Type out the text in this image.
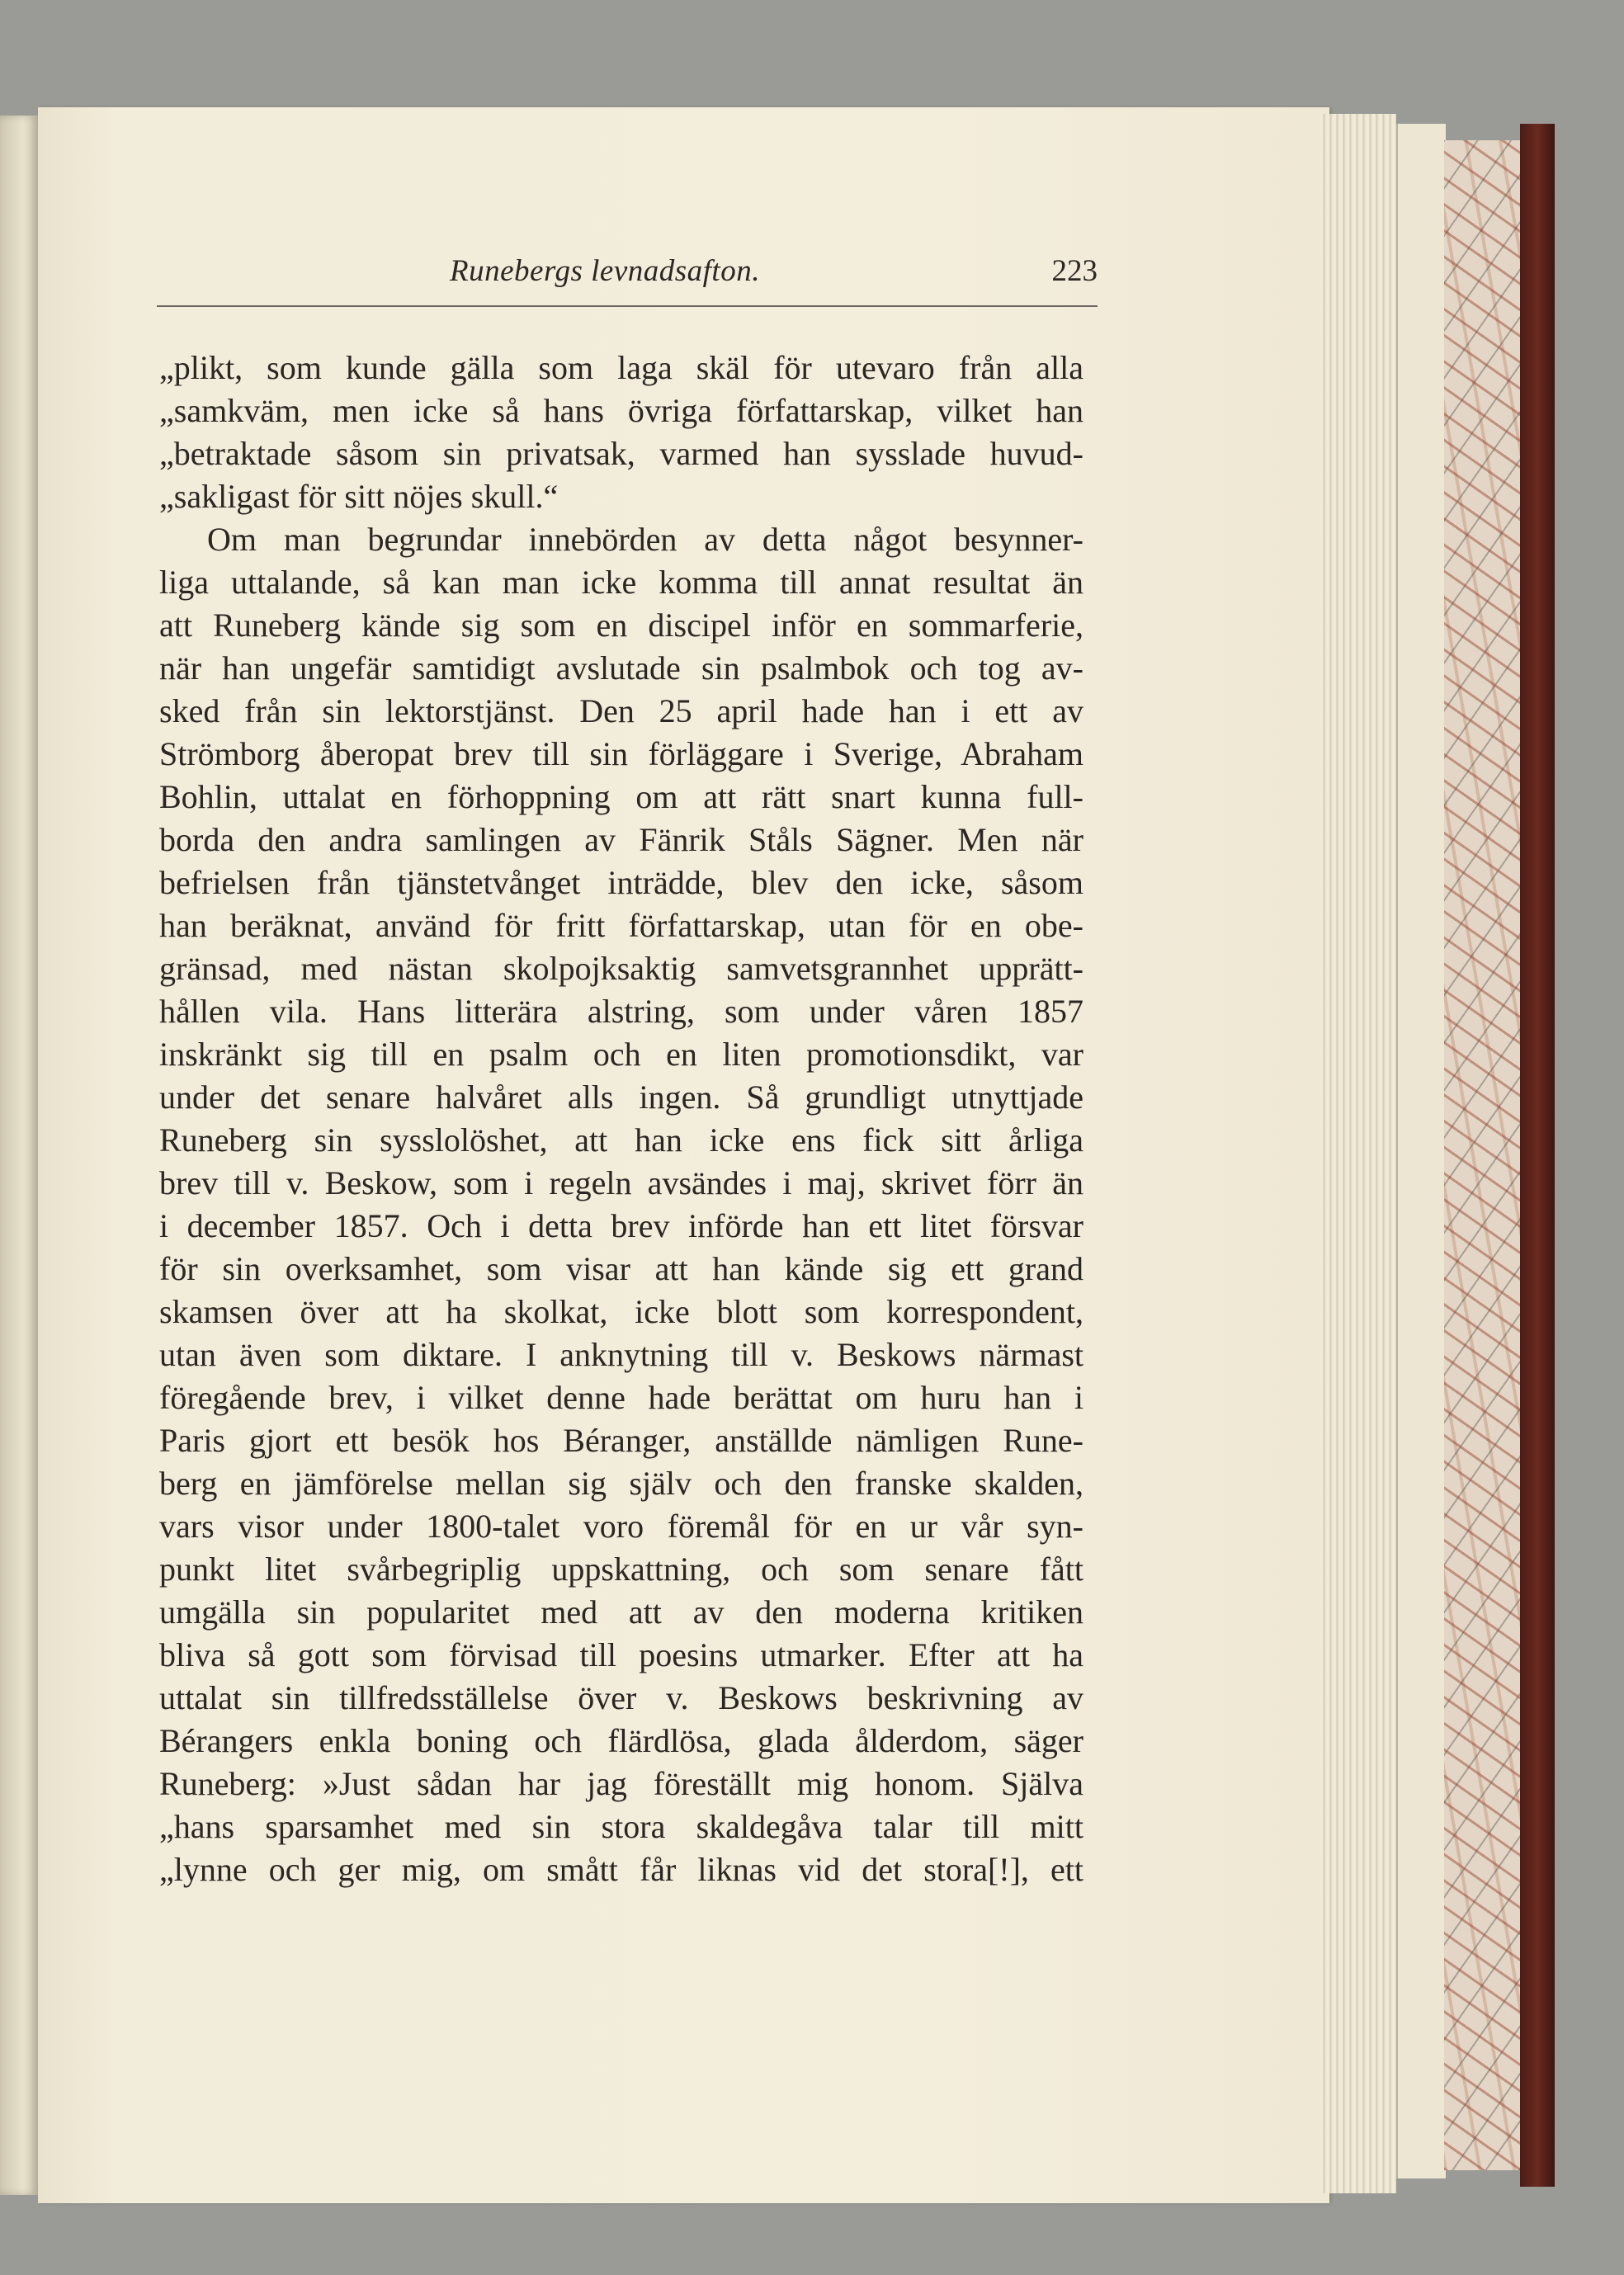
Runebergs levnadsafton.	223
„plikt, som kunde gälla som laga skäl för utevaro från alla
„samkväm, men icke så hans övriga författarskap, vilket han
„betraktade såsom sin privatsak, varmed han sysslade huvud-
„sakligast för sitt nöjes skull.“
Om man begrundar innebörden av detta något besynner-
liga uttalande, så kan man icke komma till annat resultat än
att Runeberg kände sig som en discipel inför en sommarferie,
när han ungefär samtidigt avslutade sin psalmbok och tog av-
sked från sin lektorstjänst. Den 25 april hade han i ett av
Strömborg åberopat brev till sin förläggare i Sverige, Abraham
Bohlin, uttalat en förhoppning om att rätt snart kunna full-
borda den andra samlingen av Fänrik Ståls Sägner. Men när
befrielsen från tjänstetvånget inträdde, blev den icke, såsom
han beräknat, använd för fritt författarskap, utan för en obe-
gränsad, med nästan skolpojksaktig samvetsgrannhet upprätt-
hållen vila. Hans litterära alstring, som under våren 1857
inskränkt sig till en psalm och en liten promotionsdikt, var
under det senare halvåret alls ingen. Så grundligt utnyttjade
Runeberg sin sysslolöshet, att han icke ens fick sitt årliga
brev till v. Beskow, som i regeln avsändes i maj, skrivet förr än
i december 1857. Och i detta brev införde han ett litet försvar
för sin overksamhet, som visar att han kände sig ett grand
skamsen över att ha skolkat, icke blott som korrespondent,
utan även som diktare. I anknytning till v. Beskows närmast
föregående brev, i vilket denne hade berättat om huru han i
Paris gjort ett besök hos Béranger, anställde nämligen Rune-
berg en jämförelse mellan sig själv och den franske skalden,
vars visor under 1800-talet voro föremål för en ur vår syn-
punkt litet svårbegriplig uppskattning, och som senare fått
umgälla sin popularitet med att av den moderna kritiken
bliva så gott som förvisad till poesins utmarker. Efter att ha
uttalat sin tillfredsställelse över v. Beskows beskrivning av
Bérangers enkla boning och flärdlösa, glada ålderdom, säger
Runeberg: »Just sådan har jag föreställt mig honom. Själva
„hans sparsamhet med sin stora skaldegåva talar till mitt
„lynne och ger mig, om smått får liknas vid det stora[!], ett
